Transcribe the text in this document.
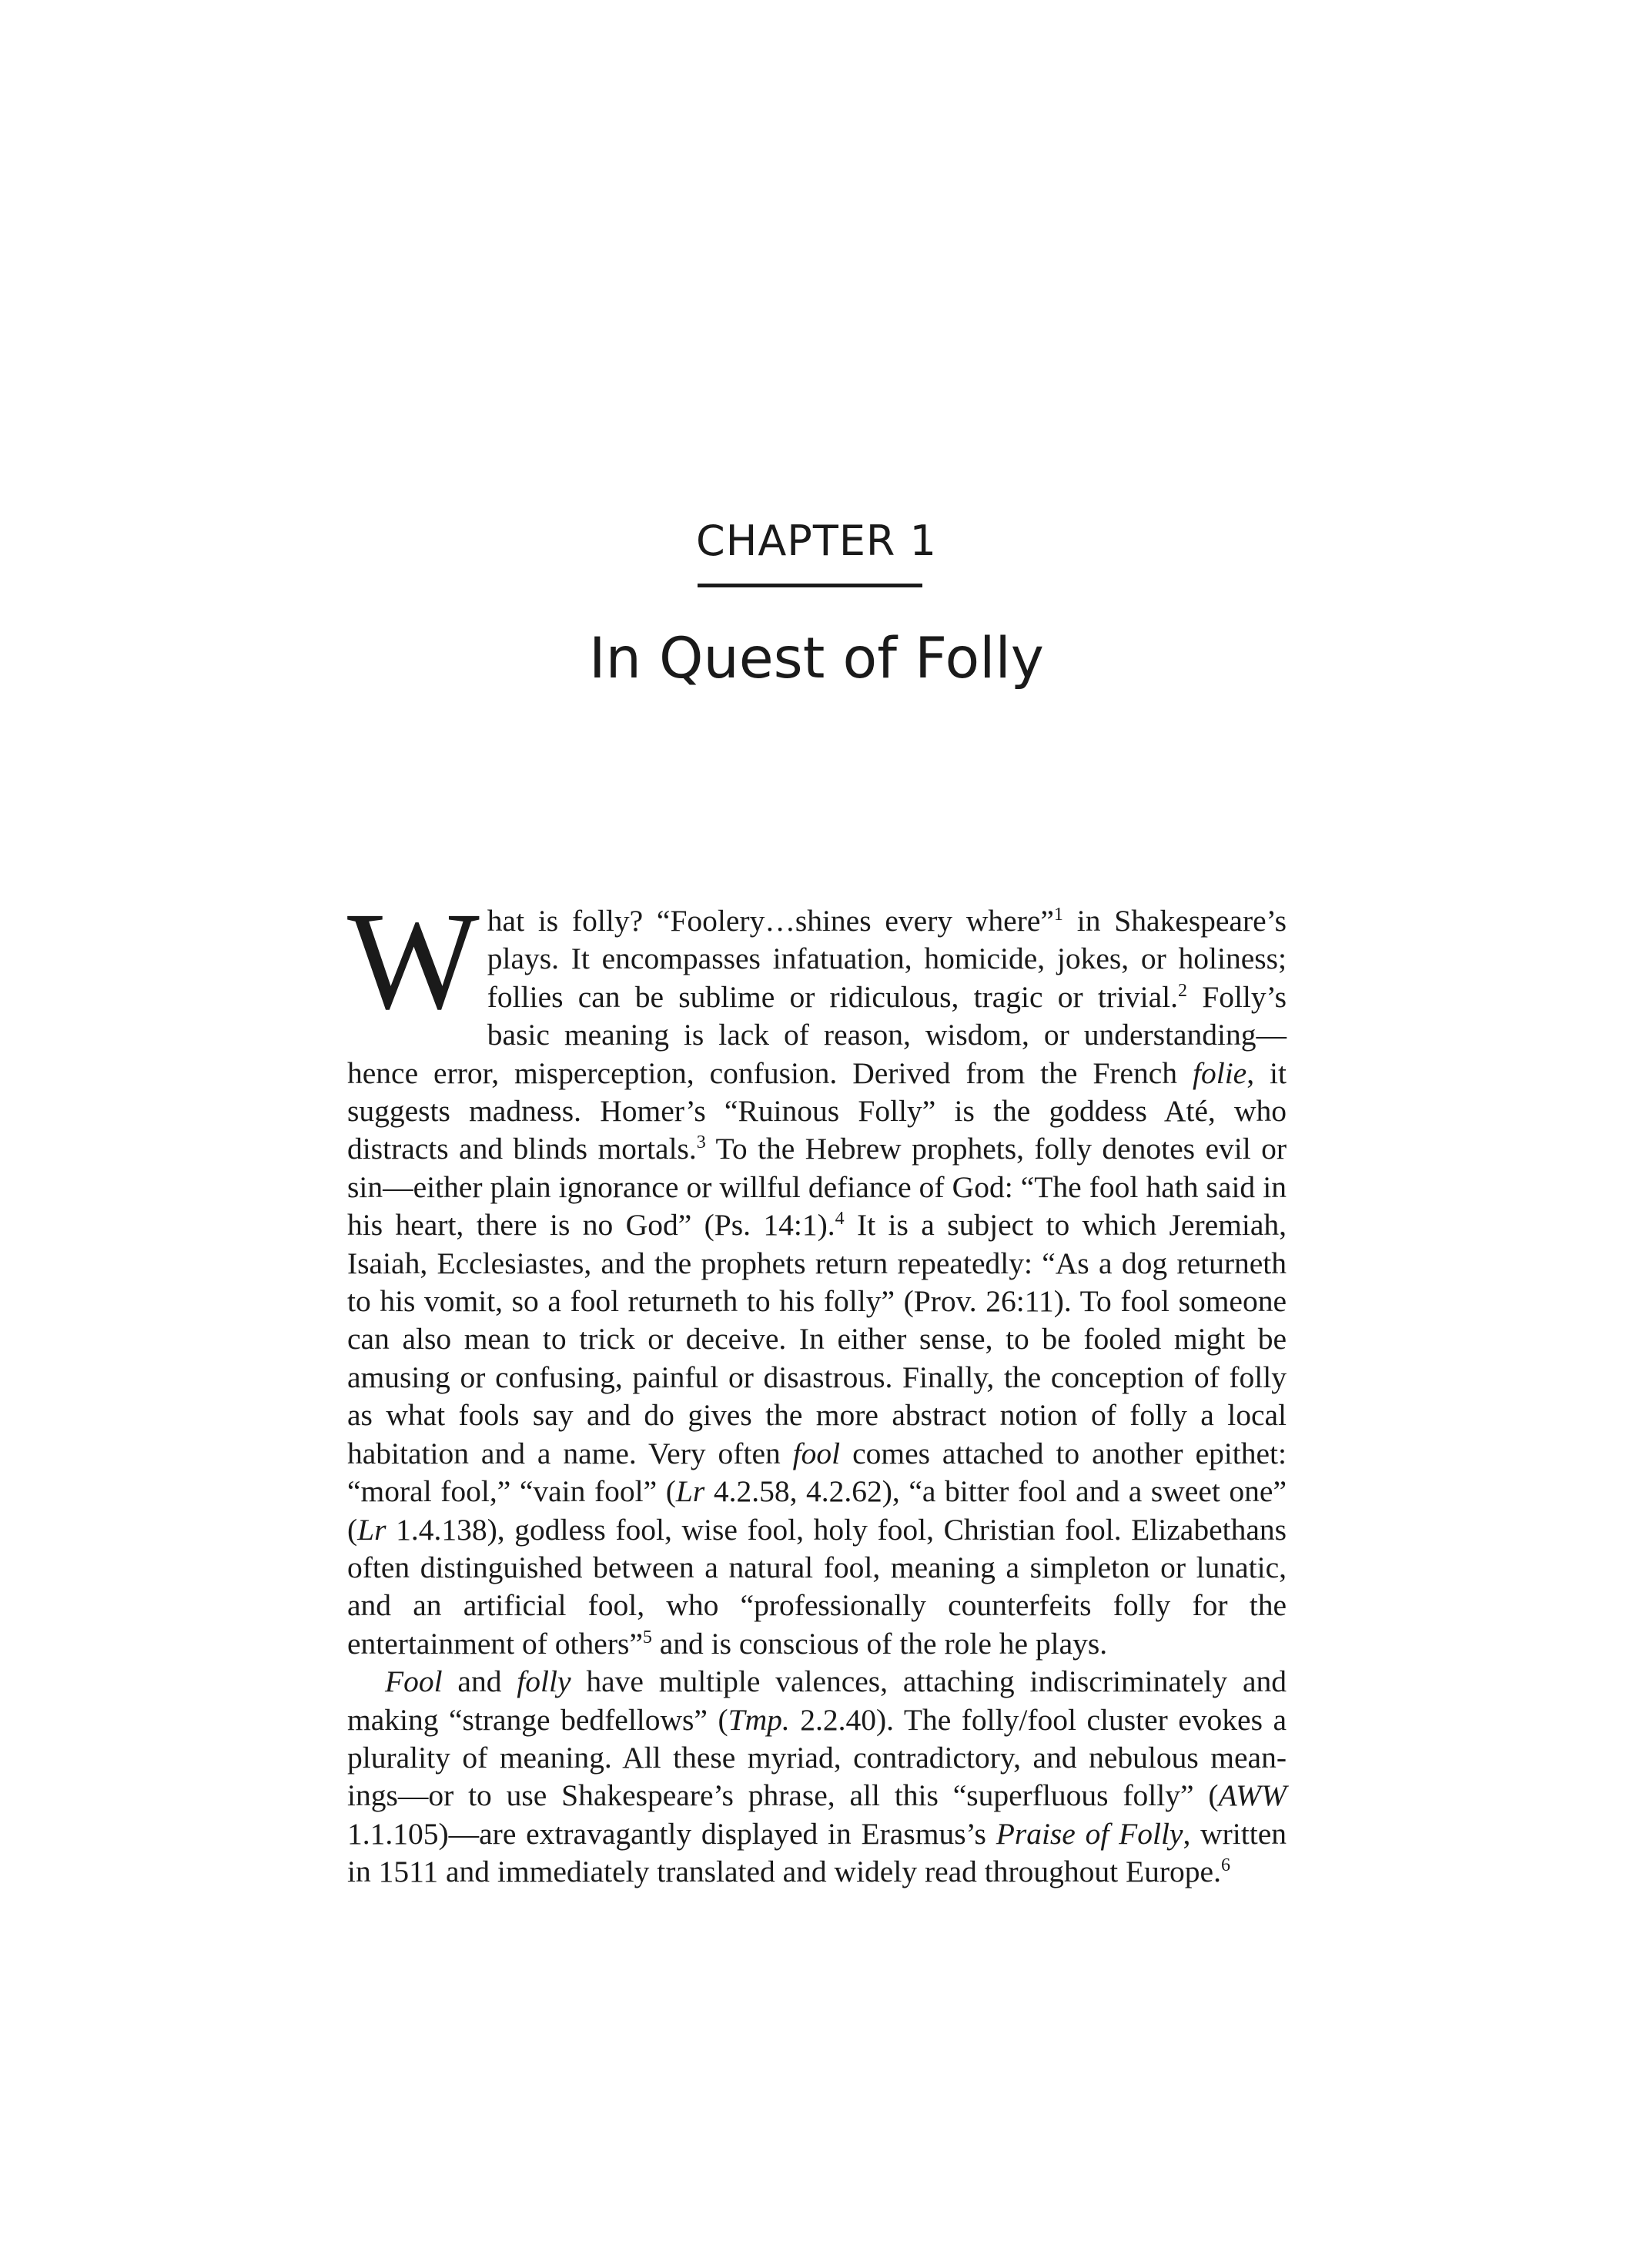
CHAPTER 1
In Quest of Folly

What is folly? “Foolery…shines every where”$^1$ in Shakespeare’s plays. It encompasses infatuation, homicide, jokes, or holiness; follies can be sublime or ridiculous, tragic or trivial.$^2$ Folly’s basic meaning is lack of reason, wisdom, or understanding—hence error, misperception, confusion. Derived from the French folie, it suggests madness. Homer’s “Ruinous Folly” is the goddess Até, who distracts and blinds mortals.$^3$ To the Hebrew prophets, folly denotes evil or sin—either plain ignorance or willful defiance of God: “The fool hath said in his heart, there is no God” (Ps. 14:1).$^4$ It is a subject to which Jeremiah, Isaiah, Ecclesiastes, and the prophets return repeatedly: “As a dog returneth to his vomit, so a fool returneth to his folly” (Prov. 26:11). To fool someone can also mean to trick or deceive. In either sense, to be fooled might be amusing or confusing, painful or disastrous. Finally, the conception of folly as what fools say and do gives the more abstract notion of folly a local habitation and a name. Very often fool comes attached to another epithet: “moral fool,” “vain fool” (Lr 4.2.58, 4.2.62), “a bitter fool and a sweet one” (Lr 1.4.138), godless fool, wise fool, holy fool, Christian fool. Elizabethans often distinguished between a natural fool, meaning a simpleton or lunatic, and an artificial fool, who “professionally counterfeits folly for the entertainment of others”$^5$ and is conscious of the role he plays.

Fool and folly have multiple valences, attaching indiscriminately and making “strange bedfellows” (Tmp. 2.2.40). The folly/fool cluster evokes a plurality of meaning. All these myriad, contradictory, and nebulous meanings—or to use Shakespeare’s phrase, all this “superfluous folly” (AWW 1.1.105)—are extravagantly displayed in Erasmus’s Praise of Folly, written in 1511 and immediately translated and widely read throughout Europe.$^6$
